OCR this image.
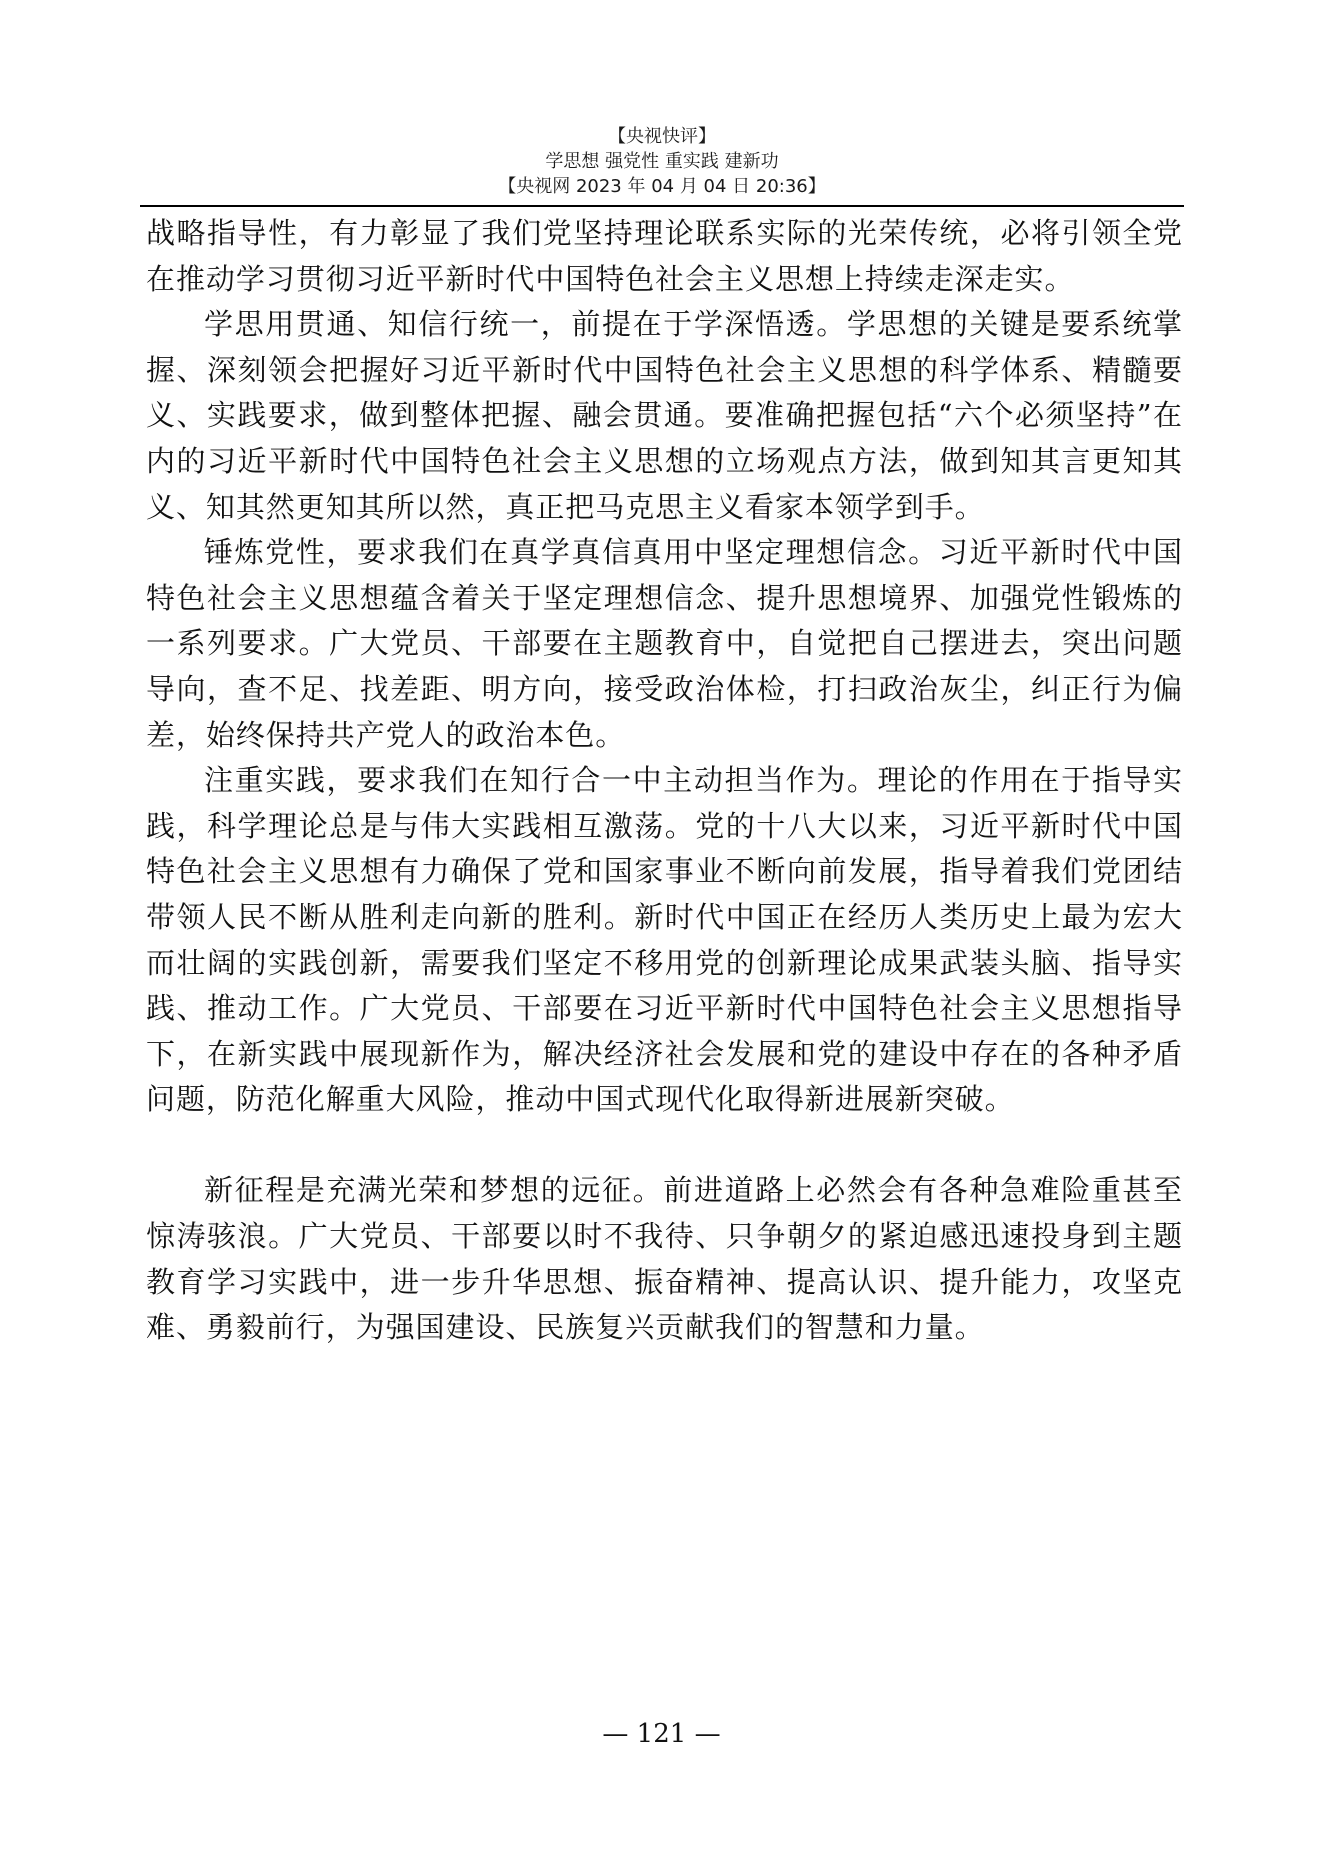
【央视快评】
学思想 强党性 重实践 建新功
【央视网 2023 年 04 月 04 日 20:36】

战略指导性，有力彰显了我们党坚持理论联系实际的光荣传统，必将引领全党在推动学习贯彻习近平新时代中国特色社会主义思想上持续走深走实。

学思用贯通、知信行统一，前提在于学深悟透。学思想的关键是要系统掌握、深刻领会把握好习近平新时代中国特色社会主义思想的科学体系、精髓要义、实践要求，做到整体把握、融会贯通。要准确把握包括“六个必须坚持”在内的习近平新时代中国特色社会主义思想的立场观点方法，做到知其言更知其义、知其然更知其所以然，真正把马克思主义看家本领学到手。

锤炼党性，要求我们在真学真信真用中坚定理想信念。习近平新时代中国特色社会主义思想蕴含着关于坚定理想信念、提升思想境界、加强党性锻炼的一系列要求。广大党员、干部要在主题教育中，自觉把自己摆进去，突出问题导向，查不足、找差距、明方向，接受政治体检，打扫政治灰尘，纠正行为偏差，始终保持共产党人的政治本色。

注重实践，要求我们在知行合一中主动担当作为。理论的作用在于指导实践，科学理论总是与伟大实践相互激荡。党的十八大以来，习近平新时代中国特色社会主义思想有力确保了党和国家事业不断向前发展，指导着我们党团结带领人民不断从胜利走向新的胜利。新时代中国正在经历人类历史上最为宏大而壮阔的实践创新，需要我们坚定不移用党的创新理论成果武装头脑、指导实践、推动工作。广大党员、干部要在习近平新时代中国特色社会主义思想指导下，在新实践中展现新作为，解决经济社会发展和党的建设中存在的各种矛盾问题，防范化解重大风险，推动中国式现代化取得新进展新突破。

新征程是充满光荣和梦想的远征。前进道路上必然会有各种急难险重甚至惊涛骇浪。广大党员、干部要以时不我待、只争朝夕的紧迫感迅速投身到主题教育学习实践中，进一步升华思想、振奋精神、提高认识、提升能力，攻坚克难、勇毅前行，为强国建设、民族复兴贡献我们的智慧和力量。

— 121 —
